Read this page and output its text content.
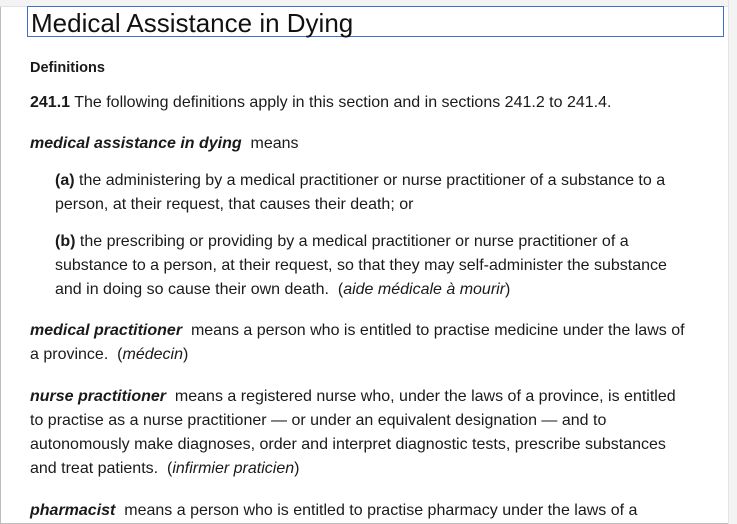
Medical Assistance in Dying
Definitions
241.1 The following definitions apply in this section and in sections 241.2 to 241.4.
medical assistance in dying means
(a) the administering by a medical practitioner or nurse practitioner of a substance to a
person, at their request, that causes their death; or
(b) the prescribing or providing by a medical practitioner or nurse practitioner of a
substance to a person, at their request, so that they may self-administer the substance
and in doing so cause their own death.  (aide médicale à mourir)
medical practitioner means a person who is entitled to practise medicine under the laws of
a province.  (médecin)
nurse practitioner means a registered nurse who, under the laws of a province, is entitled
to practise as a nurse practitioner — or under an equivalent designation — and to
autonomously make diagnoses, order and interpret diagnostic tests, prescribe substances
and treat patients.  (infirmier praticien)
pharmacist means a person who is entitled to practise pharmacy under the laws of a
